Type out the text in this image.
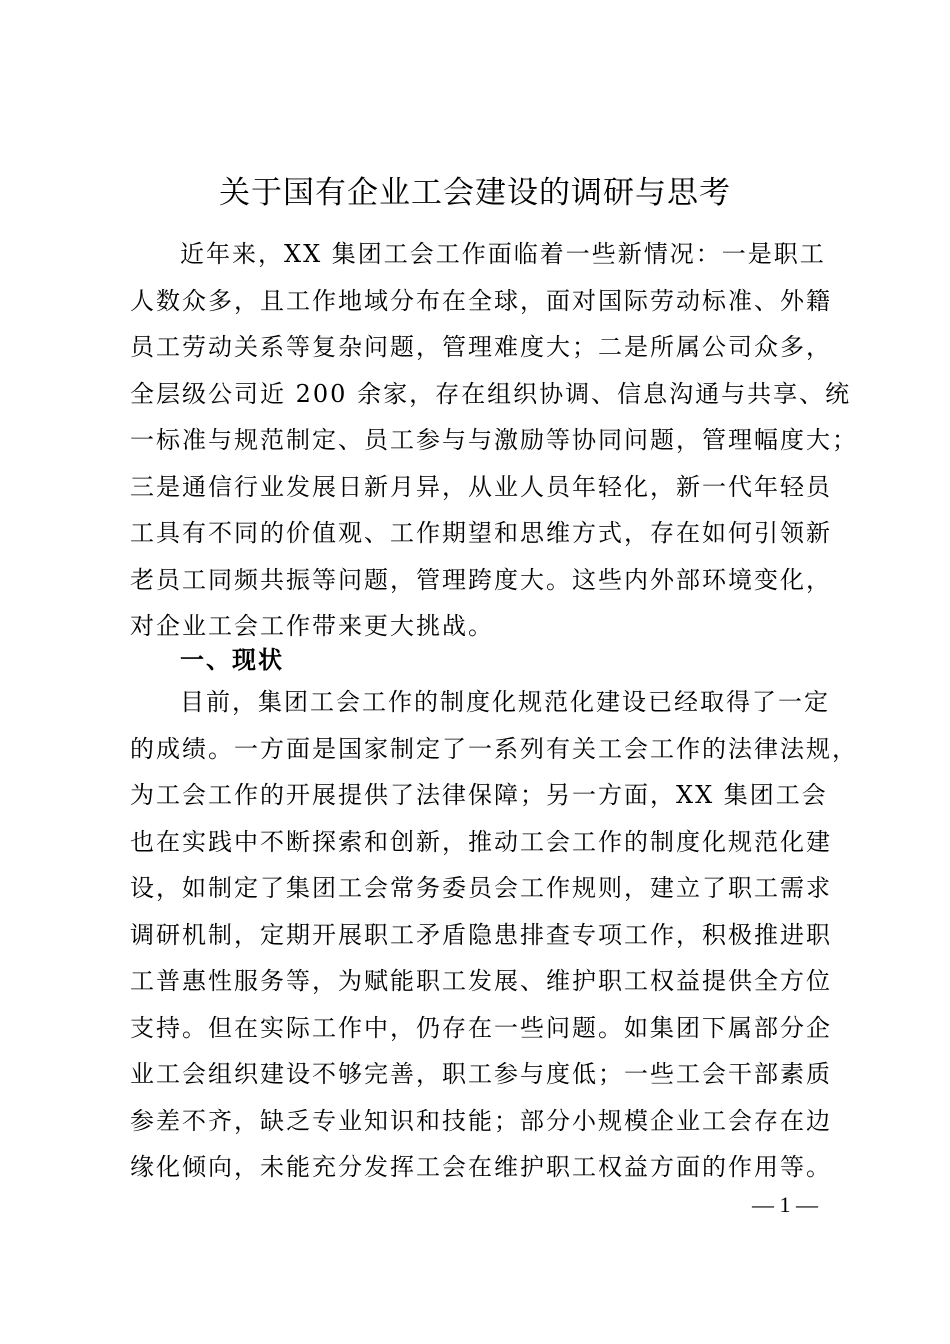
关于国有企业工会建设的调研与思考
近年来，XX 集团工会工作面临着一些新情况：一是职工
人数众多，且工作地域分布在全球，面对国际劳动标准、外籍
员工劳动关系等复杂问题，管理难度大；二是所属公司众多，
全层级公司近 200 余家，存在组织协调、信息沟通与共享、统
一标准与规范制定、员工参与与激励等协同问题，管理幅度大；
三是通信行业发展日新月异，从业人员年轻化，新一代年轻员
工具有不同的价值观、工作期望和思维方式，存在如何引领新
老员工同频共振等问题，管理跨度大。这些内外部环境变化，
对企业工会工作带来更大挑战。
一、现状
目前，集团工会工作的制度化规范化建设已经取得了一定
的成绩。一方面是国家制定了一系列有关工会工作的法律法规，
为工会工作的开展提供了法律保障；另一方面，XX 集团工会
也在实践中不断探索和创新，推动工会工作的制度化规范化建
设，如制定了集团工会常务委员会工作规则，建立了职工需求
调研机制，定期开展职工矛盾隐患排查专项工作，积极推进职
工普惠性服务等，为赋能职工发展、维护职工权益提供全方位
支持。但在实际工作中，仍存在一些问题。如集团下属部分企
业工会组织建设不够完善，职工参与度低；一些工会干部素质
参差不齐，缺乏专业知识和技能；部分小规模企业工会存在边
缘化倾向，未能充分发挥工会在维护职工权益方面的作用等。
— 1 —
